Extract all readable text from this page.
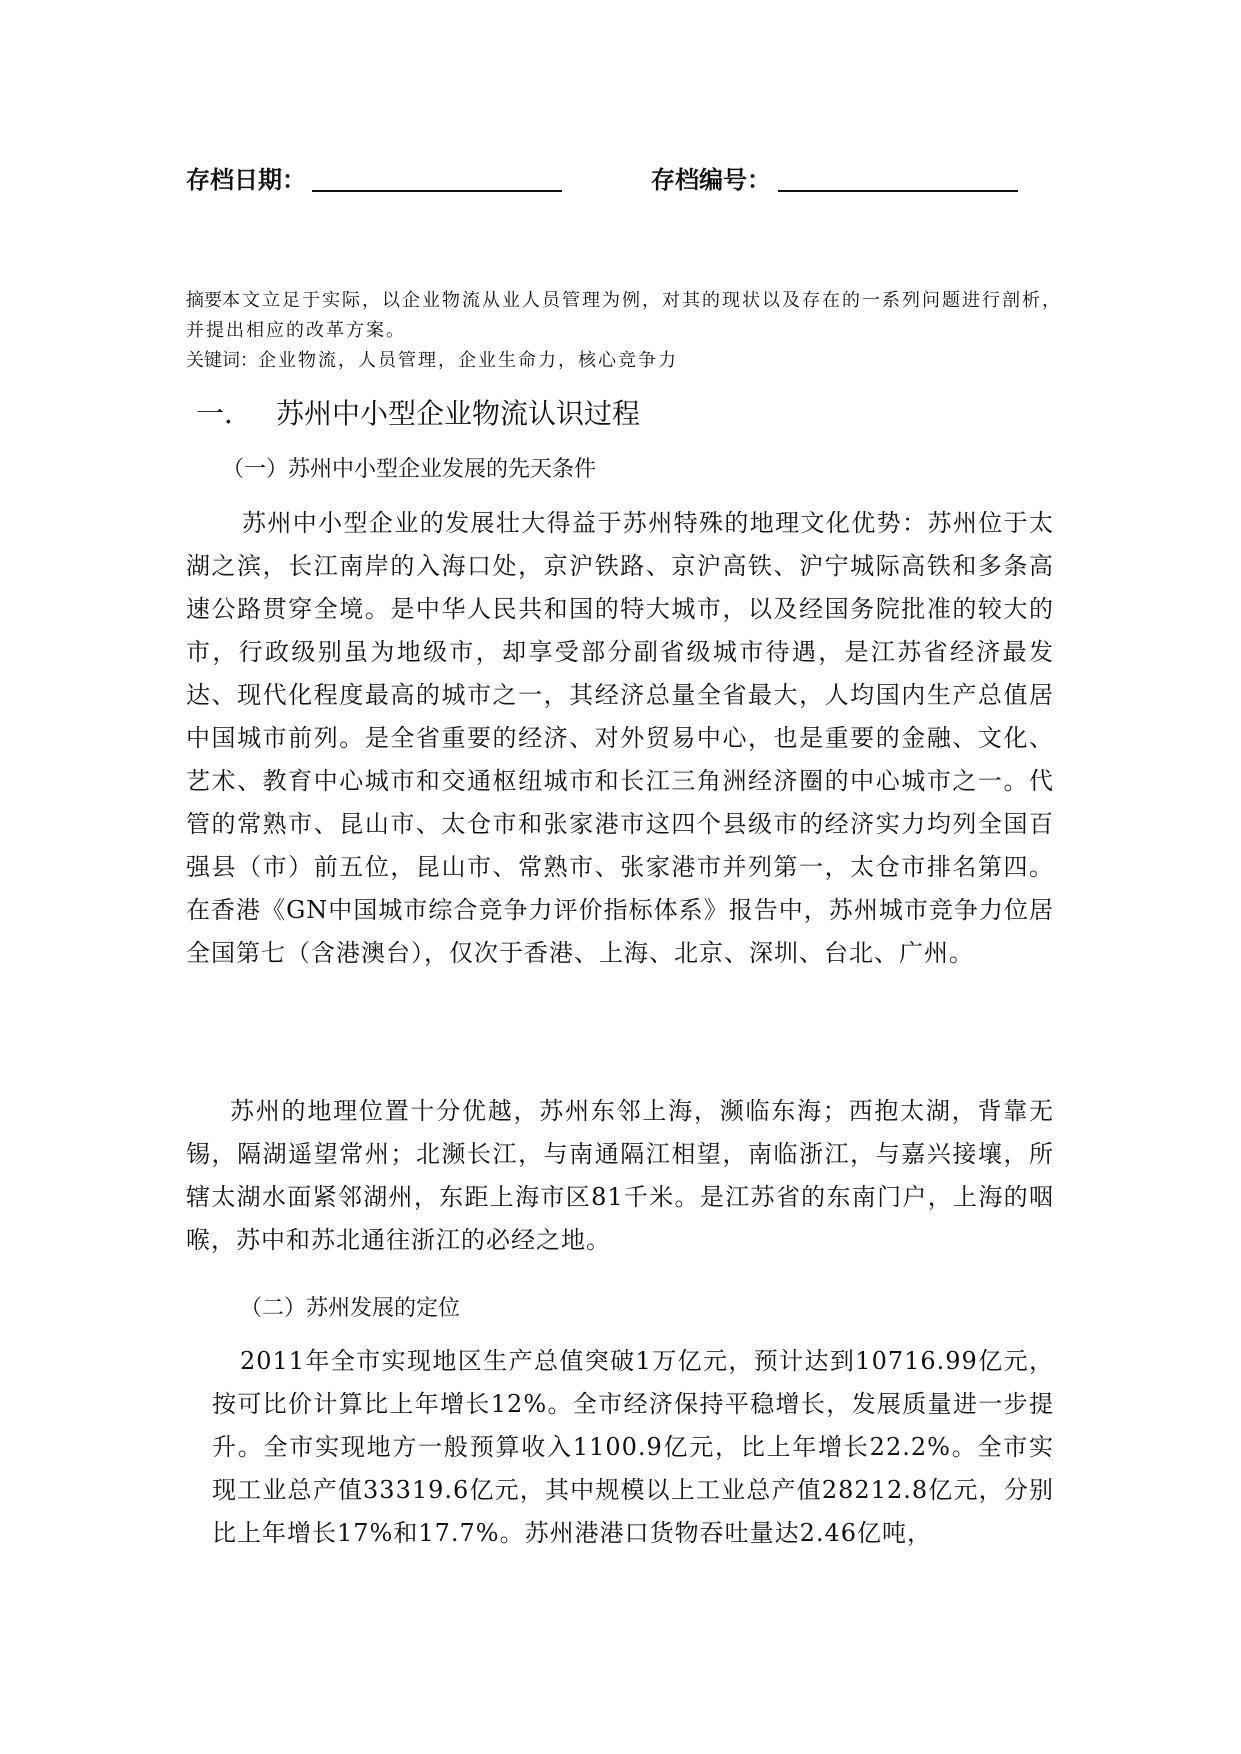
存档日期：	存档编号：
摘要本文立足于实际，以企业物流从业人员管理为例，对其的现状以及存在的一系列问题进行剖析，并提出相应的改革方案。
关键词：企业物流，人员管理，企业生命力，核心竞争力
一． 苏州中小型企业物流认识过程
（一）苏州中小型企业发展的先天条件
苏州中小型企业的发展壮大得益于苏州特殊的地理文化优势：苏州位于太湖之滨，长江南岸的入海口处，京沪铁路、京沪高铁、沪宁城际高铁和多条高速公路贯穿全境。是中华人民共和国的特大城市，以及经国务院批准的较大的市，行政级别虽为地级市，却享受部分副省级城市待遇，是江苏省经济最发达、现代化程度最高的城市之一，其经济总量全省最大，人均国内生产总值居中国城市前列。是全省重要的经济、对外贸易中心，也是重要的金融、文化、艺术、教育中心城市和交通枢纽城市和长江三角洲经济圈的中心城市之一。代管的常熟市、昆山市、太仓市和张家港市这四个县级市的经济实力均列全国百强县（市）前五位，昆山市、常熟市、张家港市并列第一，太仓市排名第四。在香港《GN中国城市综合竞争力评价指标体系》报告中，苏州城市竞争力位居全国第七（含港澳台），仅次于香港、上海、北京、深圳、台北、广州。
苏州的地理位置十分优越，苏州东邻上海，濒临东海；西抱太湖，背靠无锡，隔湖遥望常州；北濒长江，与南通隔江相望，南临浙江，与嘉兴接壤，所辖太湖水面紧邻湖州，东距上海市区81千米。是江苏省的东南门户，上海的咽喉，苏中和苏北通往浙江的必经之地。
（二）苏州发展的定位
2011年全市实现地区生产总值突破1万亿元，预计达到10716.99亿元，按可比价计算比上年增长12%。全市经济保持平稳增长，发展质量进一步提升。全市实现地方一般预算收入1100.9亿元，比上年增长22.2%。全市实现工业总产值33319.6亿元，其中规模以上工业总产值28212.8亿元，分别比上年增长17%和17.7%。苏州港港口货物吞吐量达2.46亿吨，
